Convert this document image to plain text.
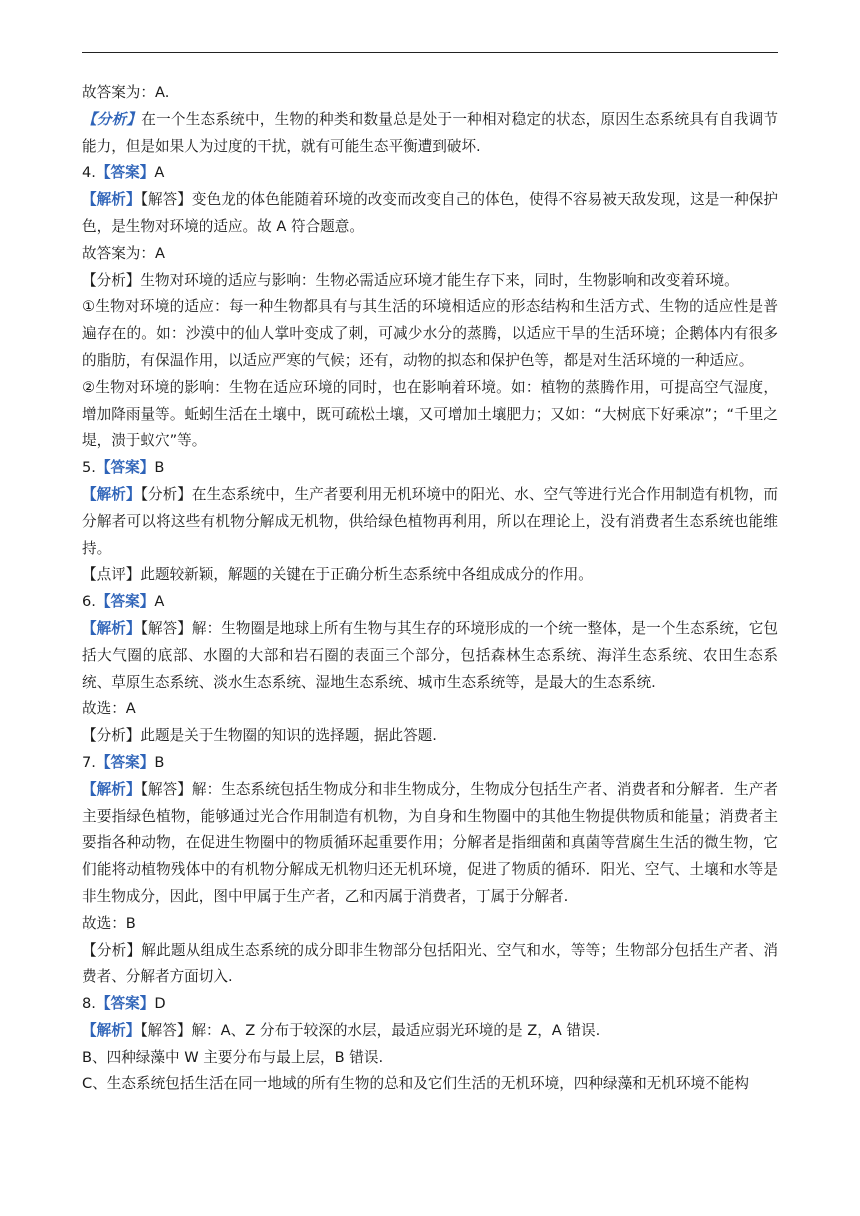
故答案为：A.

【分析】在一个生态系统中，生物的种类和数量总是处于一种相对稳定的状态，原因生态系统具有自我调节能力，但是如果人为过度的干扰，就有可能生态平衡遭到破坏.

4.【答案】A

【解析】【解答】变色龙的体色能随着环境的改变而改变自己的体色，使得不容易被天敌发现，这是一种保护色，是生物对环境的适应。故 A 符合题意。

故答案为：A

【分析】生物对环境的适应与影响：生物必需适应环境才能生存下来，同时，生物影响和改变着环境。

①生物对环境的适应：每一种生物都具有与其生活的环境相适应的形态结构和生活方式、生物的适应性是普遍存在的。如：沙漠中的仙人掌叶变成了刺，可减少水分的蒸腾，以适应干旱的生活环境；企鹅体内有很多的脂肪，有保温作用，以适应严寒的气候；还有，动物的拟态和保护色等，都是对生活环境的一种适应。

②生物对环境的影响：生物在适应环境的同时，也在影响着环境。如：植物的蒸腾作用，可提高空气湿度，增加降雨量等。蚯蚓生活在土壤中，既可疏松土壤，又可增加土壤肥力；又如：“大树底下好乘凉”；“千里之堤，溃于蚁穴”等。

5.【答案】B

【解析】【分析】在生态系统中，生产者要利用无机环境中的阳光、水、空气等进行光合作用制造有机物，而分解者可以将这些有机物分解成无机物，供给绿色植物再利用，所以在理论上，没有消费者生态系统也能维持。

【点评】此题较新颖，解题的关键在于正确分析生态系统中各组成成分的作用。

6.【答案】A

【解析】【解答】解：生物圈是地球上所有生物与其生存的环境形成的一个统一整体，是一个生态系统，它包括大气圈的底部、水圈的大部和岩石圈的表面三个部分，包括森林生态系统、海洋生态系统、农田生态系统、草原生态系统、淡水生态系统、湿地生态系统、城市生态系统等，是最大的生态系统.

故选：A

【分析】此题是关于生物圈的知识的选择题，据此答题.

7.【答案】B

【解析】【解答】解：生态系统包括生物成分和非生物成分，生物成分包括生产者、消费者和分解者．生产者主要指绿色植物，能够通过光合作用制造有机物，为自身和生物圈中的其他生物提供物质和能量；消费者主要指各种动物，在促进生物圈中的物质循环起重要作用；分解者是指细菌和真菌等营腐生生活的微生物，它们能将动植物残体中的有机物分解成无机物归还无机环境，促进了物质的循环．阳光、空气、土壤和水等是非生物成分，因此，图中甲属于生产者，乙和丙属于消费者，丁属于分解者.

故选：B

【分析】解此题从组成生态系统的成分即非生物部分包括阳光、空气和水，等等；生物部分包括生产者、消费者、分解者方面切入.

8.【答案】D

【解析】【解答】解：A、Z 分布于较深的水层，最适应弱光环境的是 Z，A 错误.

B、四种绿藻中 W 主要分布与最上层，B 错误.

C、生态系统包括生活在同一地域的所有生物的总和及它们生活的无机环境，四种绿藻和无机环境不能构
